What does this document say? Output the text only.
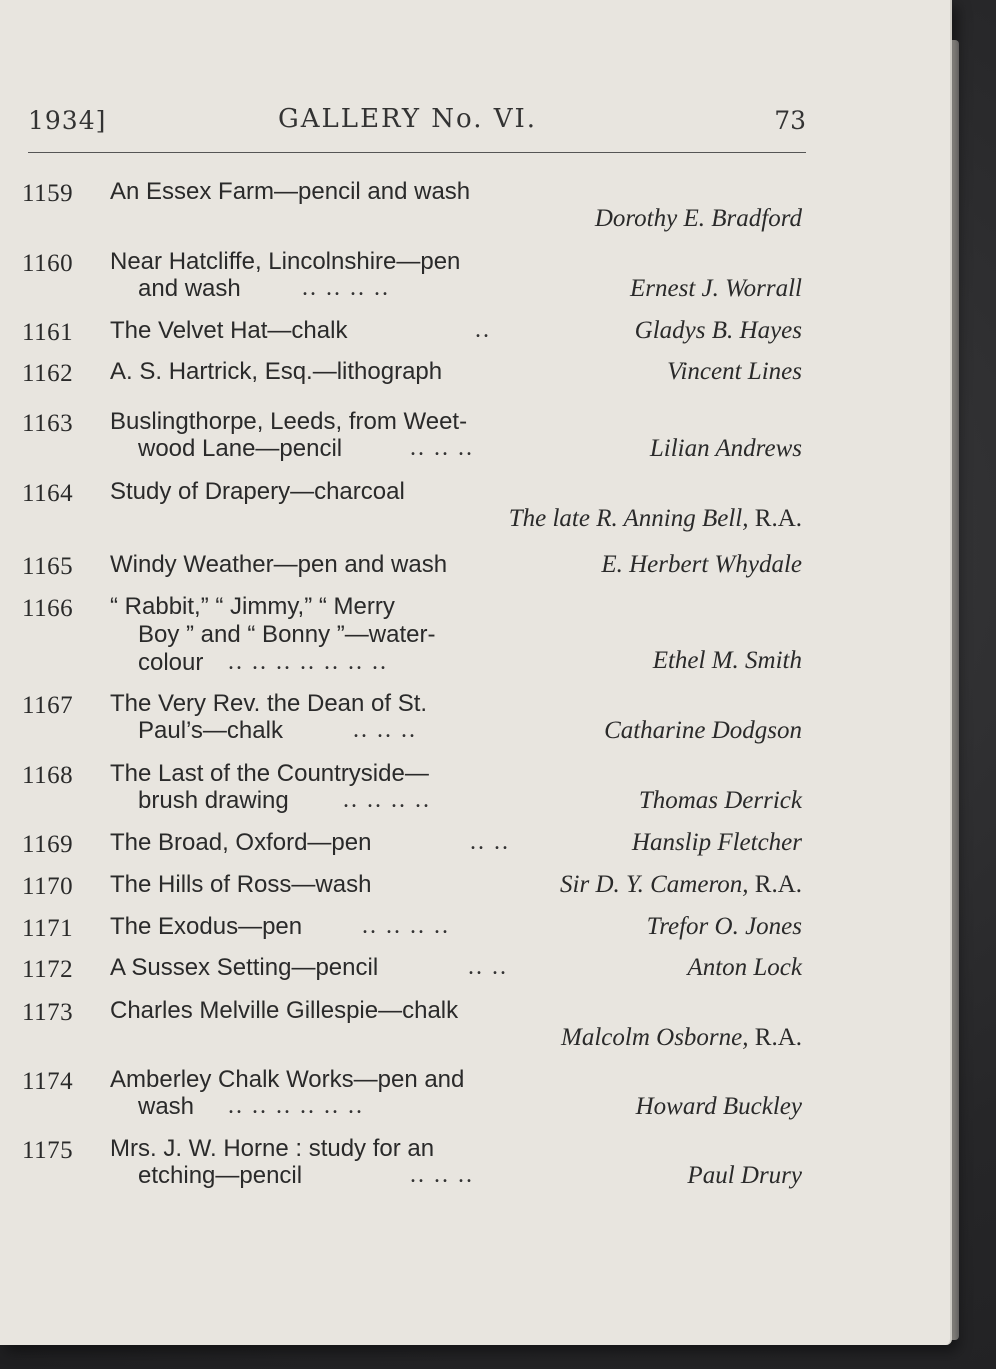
1934]	GALLERY No. VI.	73
1159 An Essex Farm—pencil and wash
Dorothy E. Bradford
1160 Near Hatcliffe, Lincolnshire—pen
and wash	.. .. .. ..	Ernest J. Worrall
1161 The Velvet Hat—chalk	..	Gladys B. Hayes
1162 A. S. Hartrick, Esq.—lithograph	Vincent Lines
1163 Buslingthorpe, Leeds, from Weet-
wood Lane—pencil	.. .. ..	Lilian Andrews
1164 Study of Drapery—charcoal
The late R. Anning Bell, R.A.
1165 Windy Weather—pen and wash	E. Herbert Whydale
1166 “ Rabbit,” “ Jimmy,” “ Merry
Boy ” and “ Bonny ”—water-
colour .. .. .. .. .. .. ..	Ethel M. Smith
1167 The Very Rev. the Dean of St.
Paul’s—chalk	.. .. ..	Catharine Dodgson
1168 The Last of the Countryside—
brush drawing .. .. .. ..	Thomas Derrick
1169 The Broad, Oxford—pen	.. ..	Hanslip Fletcher
1170 The Hills of Ross—wash	Sir D. Y. Cameron, R.A.
1171 The Exodus—pen .. .. .. ..	Trefor O. Jones
1172 A Sussex Setting—pencil	.. ..	Anton Lock
1173 Charles Melville Gillespie—chalk
Malcolm Osborne, R.A.
1174 Amberley Chalk Works—pen and
wash .. .. .. .. .. ..	Howard Buckley
1175 Mrs. J. W. Horne : study for an
etching—pencil	.. .. ..	Paul Drury
